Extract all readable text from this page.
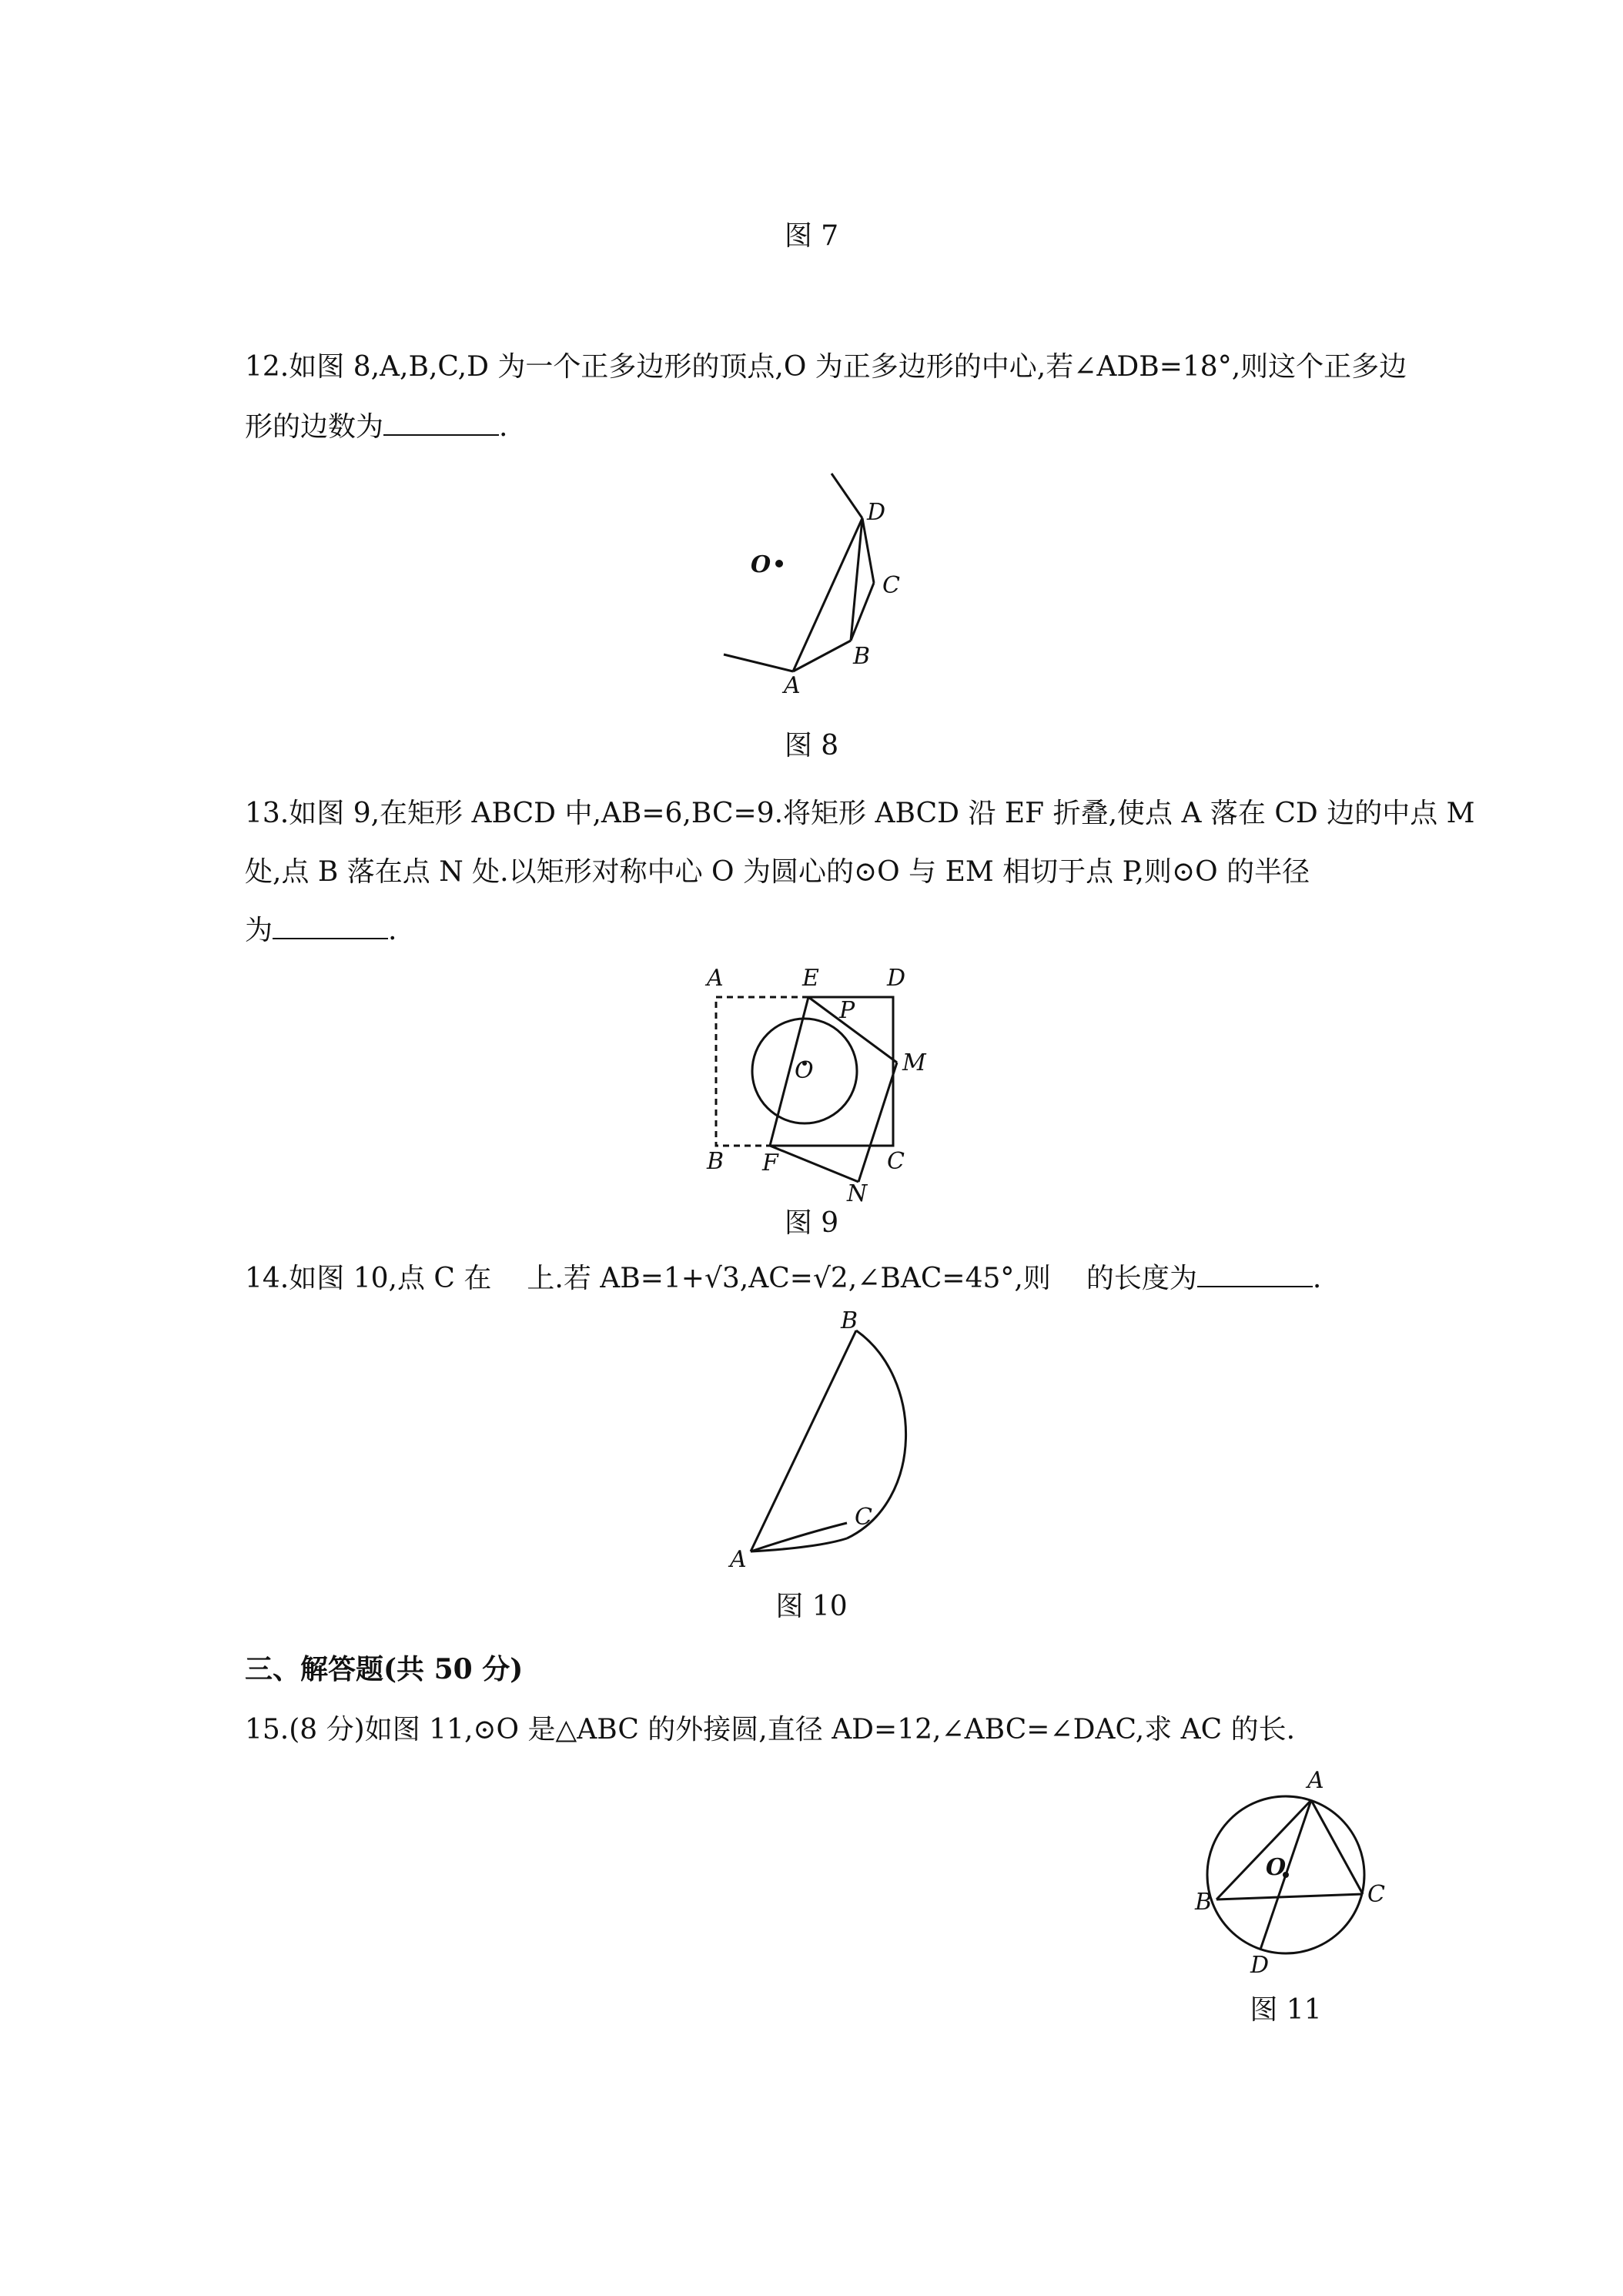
图 7
12.如图 8,A,B,C,D 为一个正多边形的顶点,O 为正多边形的中心,若∠ADB=18°,则这个正多边
形的边数为	.
O
A
B
C
D
图 8
13.如图 9,在矩形 ABCD 中,AB=6,BC=9.将矩形 ABCD 沿 EF 折叠,使点 A 落在 CD 边的中点 M
处,点 B 落在点 N 处.以矩形对称中心 O 为圆心的⊙O 与 EM 相切于点 P,则⊙O 的半径
为	.
A	E	D
P
O	M
B F	C
N
图 9
14.如图 10,点 C 在 上.若 AB=1+√3,AC=√2,∠BAC=45°,则 的长度为	.
A
B
C
图 10
三、解答题(共 50 分)
15.(8 分)如图 11,⊙O 是△ABC 的外接圆,直径 AD=12,∠ABC=∠DAC,求 AC 的长.
A
O
B	C
D
图 11
